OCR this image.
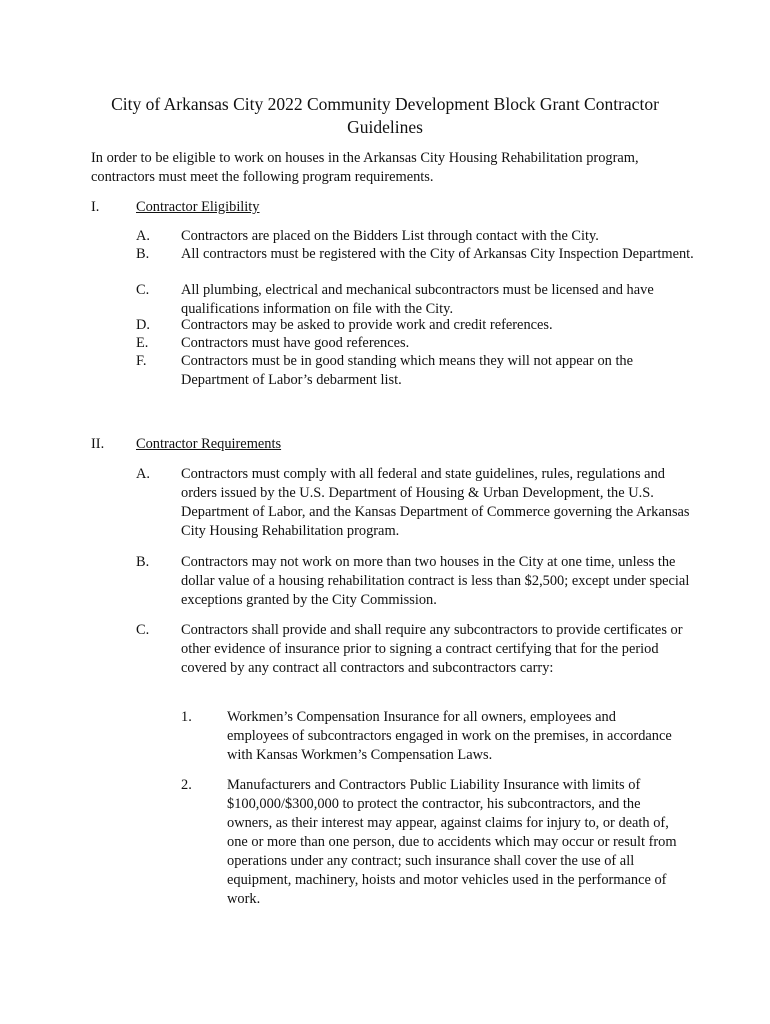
City of Arkansas City 2022 Community Development Block Grant Contractor Guidelines
In order to be eligible to work on houses in the Arkansas City Housing Rehabilitation program, contractors must meet the following program requirements.
I.	Contractor Eligibility
A. Contractors are placed on the Bidders List through contact with the City.
B. All contractors must be registered with the City of Arkansas City Inspection Department.
C. All plumbing, electrical and mechanical subcontractors must be licensed and have qualifications information on file with the City.
D. Contractors may be asked to provide work and credit references.
E. Contractors must have good references.
F. Contractors must be in good standing which means they will not appear on the Department of Labor’s debarment list.
II. Contractor Requirements
A. Contractors must comply with all federal and state guidelines, rules, regulations and orders issued by the U.S. Department of Housing & Urban Development, the U.S. Department of Labor, and the Kansas Department of Commerce governing the Arkansas City Housing Rehabilitation program.
B. Contractors may not work on more than two houses in the City at one time, unless the dollar value of a housing rehabilitation contract is less than $2,500; except under special exceptions granted by the City Commission.
C. Contractors shall provide and shall require any subcontractors to provide certificates or other evidence of insurance prior to signing a contract certifying that for the period covered by any contract all contractors and subcontractors carry:
1. Workmen’s Compensation Insurance for all owners, employees and employees of subcontractors engaged in work on the premises, in accordance with Kansas Workmen’s Compensation Laws.
2. Manufacturers and Contractors Public Liability Insurance with limits of $100,000/$300,000 to protect the contractor, his subcontractors, and the owners, as their interest may appear, against claims for injury to, or death of, one or more than one person, due to accidents which may occur or result from operations under any contract; such insurance shall cover the use of all equipment, machinery, hoists and motor vehicles used in the performance of work.
